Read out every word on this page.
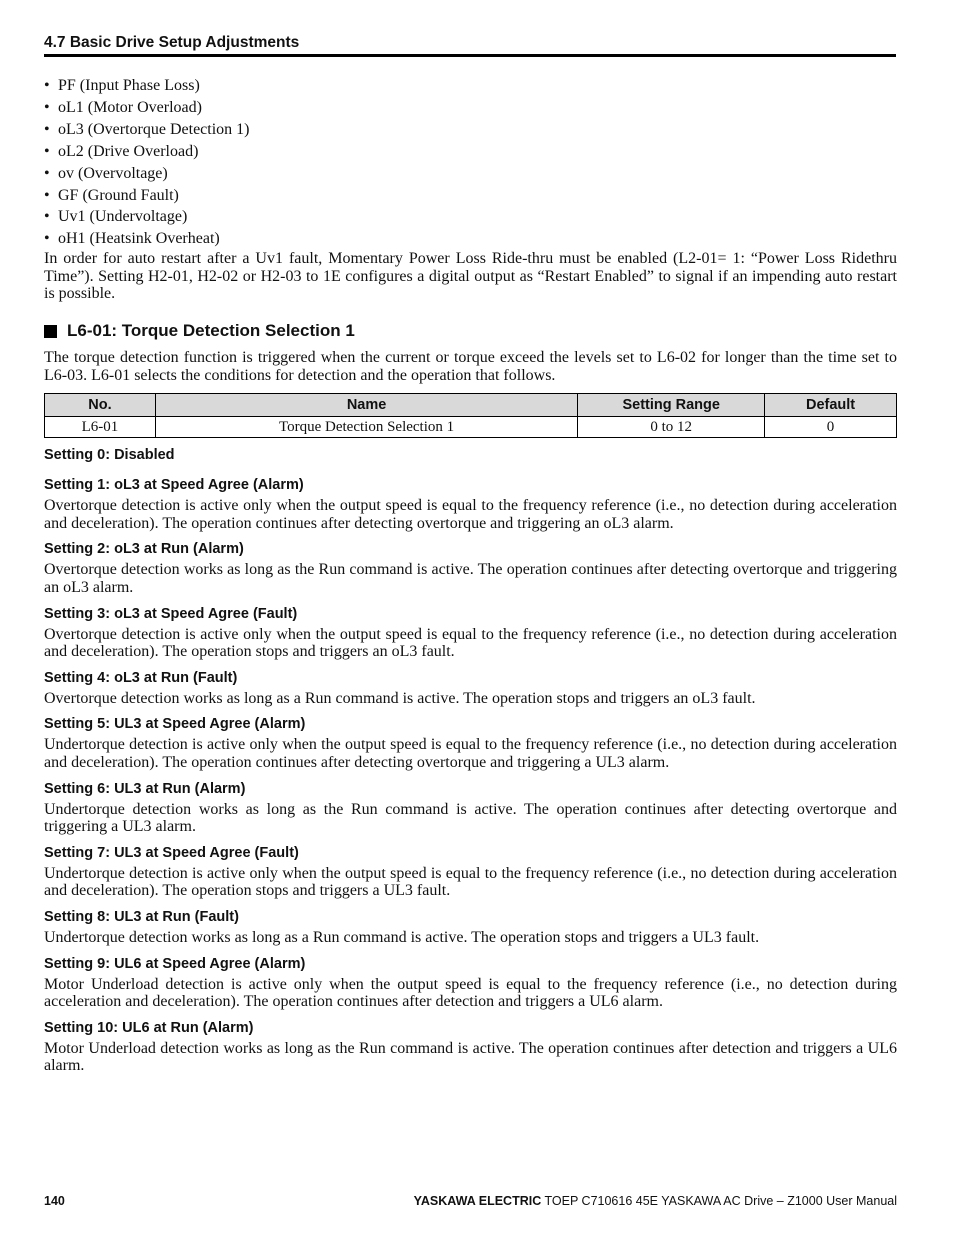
4.7 Basic Drive Setup Adjustments
• PF (Input Phase Loss)
• oL1 (Motor Overload)
• oL3 (Overtorque Detection 1)
• oL2 (Drive Overload)
• ov (Overvoltage)
• GF (Ground Fault)
• Uv1 (Undervoltage)
• oH1 (Heatsink Overheat)

In order for auto restart after a Uv1 fault, Momentary Power Loss Ride-thru must be enabled (L2-01= 1: “Power Loss Ridethru Time”). Setting H2-01, H2-02 or H2-03 to 1E configures a digital output as “Restart Enabled” to signal if an impending auto restart is possible.

L6-01: Torque Detection Selection 1

The torque detection function is triggered when the current or torque exceed the levels set to L6-02 for longer than the time set to L6-03. L6-01 selects the conditions for detection and the operation that follows.

No.	Name	Setting Range	Default
L6-01	Torque Detection Selection 1	0 to 12	0
Setting 0: Disabled
Setting 1: oL3 at Speed Agree (Alarm)

Overtorque detection is active only when the output speed is equal to the frequency reference (i.e., no detection during acceleration and deceleration). The operation continues after detecting overtorque and triggering an oL3 alarm.

Setting 2: oL3 at Run (Alarm)

Overtorque detection works as long as the Run command is active. The operation continues after detecting overtorque and triggering an oL3 alarm.

Setting 3: oL3 at Speed Agree (Fault)

Overtorque detection is active only when the output speed is equal to the frequency reference (i.e., no detection during acceleration and deceleration). The operation stops and triggers an oL3 fault.

Setting 4: oL3 at Run (Fault)

Overtorque detection works as long as a Run command is active. The operation stops and triggers an oL3 fault.

Setting 5: UL3 at Speed Agree (Alarm)

Undertorque detection is active only when the output speed is equal to the frequency reference (i.e., no detection during acceleration and deceleration). The operation continues after detecting overtorque and triggering a UL3 alarm.

Setting 6: UL3 at Run (Alarm)

Undertorque detection works as long as the Run command is active. The operation continues after detecting overtorque and triggering a UL3 alarm.

Setting 7: UL3 at Speed Agree (Fault)

Undertorque detection is active only when the output speed is equal to the frequency reference (i.e., no detection during acceleration and deceleration). The operation stops and triggers a UL3 fault.

Setting 8: UL3 at Run (Fault)

Undertorque detection works as long as a Run command is active. The operation stops and triggers a UL3 fault.

Setting 9: UL6 at Speed Agree (Alarm)

Motor Underload detection is active only when the output speed is equal to the frequency reference (i.e., no detection during acceleration and deceleration). The operation continues after detection and triggers a UL6 alarm.

Setting 10: UL6 at Run (Alarm)

Motor Underload detection works as long as the Run command is active. The operation continues after detection and triggers a UL6 alarm.

140	YASKAWA ELECTRIC TOEP C710616 45E YASKAWA AC Drive – Z1000 User Manual
